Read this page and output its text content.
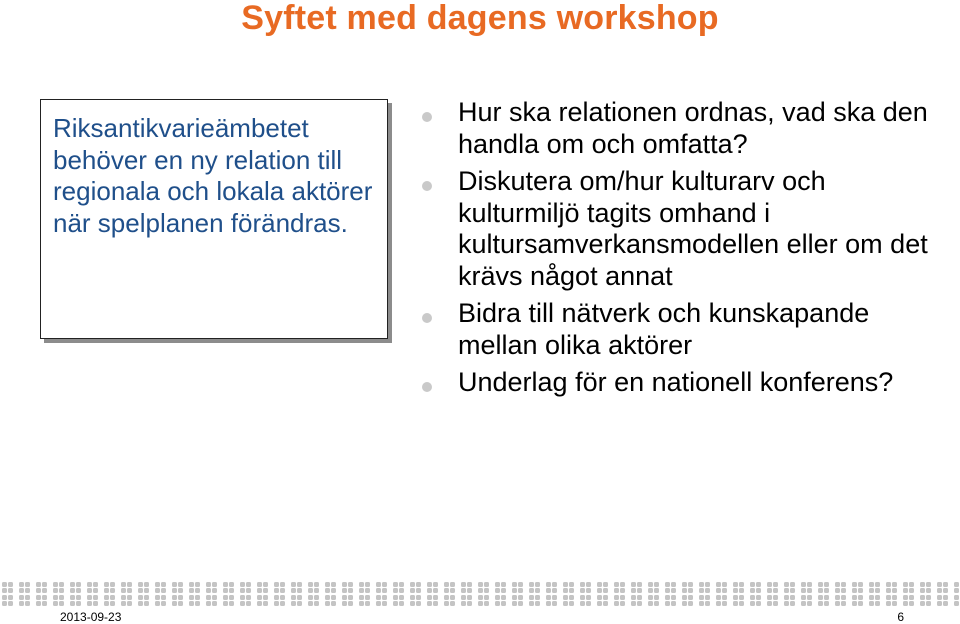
Syftet med dagens workshop

Riksantikvarieämbetet behöver en ny relation till regionala och lokala aktörer när spelplanen förändras.

Hur ska relationen ordnas, vad ska den handla om och omfatta?
Diskutera om/hur kulturarv och kulturmiljö tagits omhand i kultursamverkansmodellen eller om det krävs något annat
Bidra till nätverk och kunskapande mellan olika aktörer
Underlag för en nationell konferens?
2013-09-23	6
